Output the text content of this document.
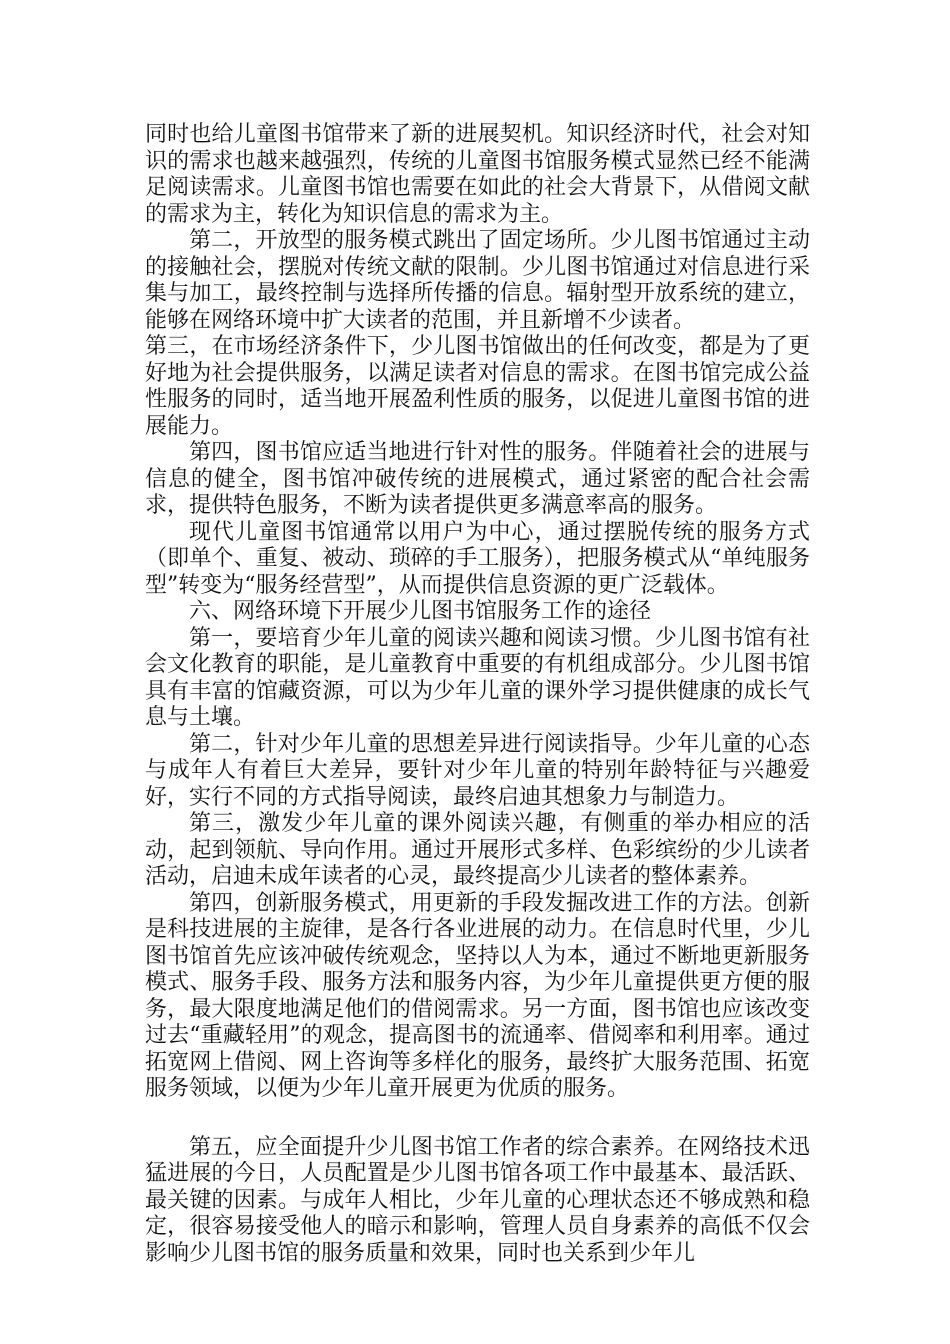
同时也给儿童图书馆带来了新的进展契机。知识经济时代，社会对知识的需求也越来越强烈，传统的儿童图书馆服务模式显然已经不能满足阅读需求。儿童图书馆也需要在如此的社会大背景下，从借阅文献的需求为主，转化为知识信息的需求为主。

第二，开放型的服务模式跳出了固定场所。少儿图书馆通过主动的接触社会，摆脱对传统文献的限制。少儿图书馆通过对信息进行采集与加工，最终控制与选择所传播的信息。辐射型开放系统的建立，能够在网络环境中扩大读者的范围，并且新增不少读者。

第三，在市场经济条件下，少儿图书馆做出的任何改变，都是为了更好地为社会提供服务，以满足读者对信息的需求。在图书馆完成公益性服务的同时，适当地开展盈利性质的服务，以促进儿童图书馆的进展能力。

第四，图书馆应适当地进行针对性的服务。伴随着社会的进展与信息的健全，图书馆冲破传统的进展模式，通过紧密的配合社会需求，提供特色服务，不断为读者提供更多满意率高的服务。

现代儿童图书馆通常以用户为中心，通过摆脱传统的服务方式（即单个、重复、被动、琐碎的手工服务），把服务模式从“单纯服务型”转变为“服务经营型”，从而提供信息资源的更广泛载体。

六、网络环境下开展少儿图书馆服务工作的途径

第一，要培育少年儿童的阅读兴趣和阅读习惯。少儿图书馆有社会文化教育的职能，是儿童教育中重要的有机组成部分。少儿图书馆具有丰富的馆藏资源，可以为少年儿童的课外学习提供健康的成长气息与土壤。

第二，针对少年儿童的思想差异进行阅读指导。少年儿童的心态与成年人有着巨大差异，要针对少年儿童的特别年龄特征与兴趣爱好，实行不同的方式指导阅读，最终启迪其想象力与制造力。

第三，激发少年儿童的课外阅读兴趣，有侧重的举办相应的活动，起到领航、导向作用。通过开展形式多样、色彩缤纷的少儿读者活动，启迪未成年读者的心灵，最终提高少儿读者的整体素养。

第四，创新服务模式，用更新的手段发掘改进工作的方法。创新是科技进展的主旋律，是各行各业进展的动力。在信息时代里，少儿图书馆首先应该冲破传统观念，坚持以人为本，通过不断地更新服务模式、服务手段、服务方法和服务内容，为少年儿童提供更方便的服务，最大限度地满足他们的借阅需求。另一方面，图书馆也应该改变过去“重藏轻用”的观念，提高图书的流通率、借阅率和利用率。通过拓宽网上借阅、网上咨询等多样化的服务，最终扩大服务范围、拓宽服务领域，以便为少年儿童开展更为优质的服务。

第五，应全面提升少儿图书馆工作者的综合素养。在网络技术迅猛进展的今日，人员配置是少儿图书馆各项工作中最基本、最活跃、最关键的因素。与成年人相比，少年儿童的心理状态还不够成熟和稳定，很容易接受他人的暗示和影响，管理人员自身素养的高低不仅会影响少儿图书馆的服务质量和效果，同时也关系到少年儿
